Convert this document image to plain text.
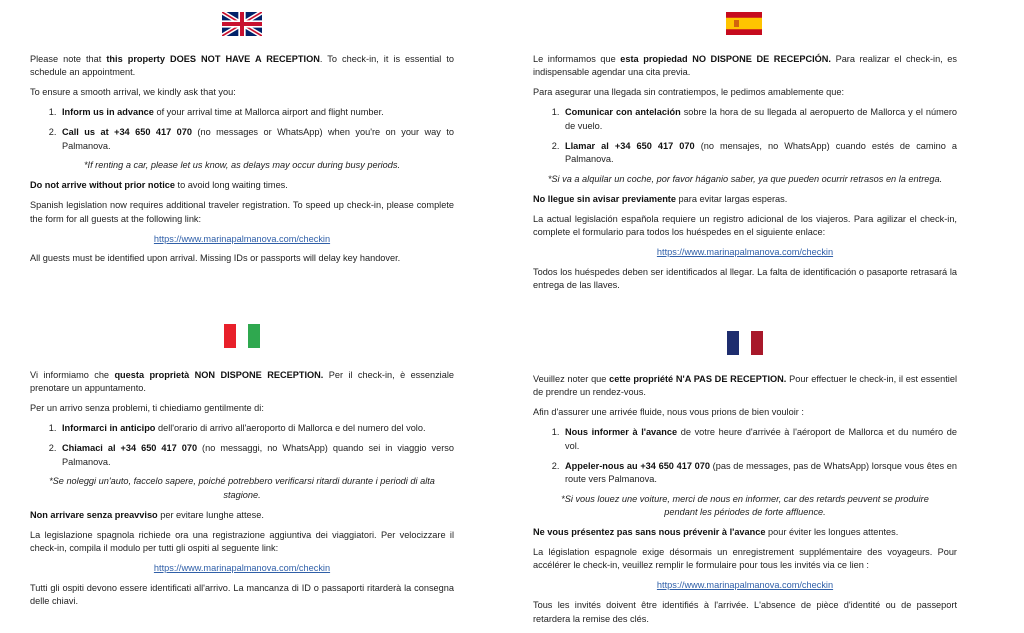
Please note that this property DOES NOT HAVE A RECEPTION. To check-in, it is essential to schedule an appointment.

To ensure a smooth arrival, we kindly ask that you:

1. Inform us in advance of your arrival time at Mallorca airport and flight number.
2. Call us at +34 650 417 070 (no messages or WhatsApp) when you're on your way to Palmanova.

*If renting a car, please let us know, as delays may occur during busy periods.

Do not arrive without prior notice to avoid long waiting times.

Spanish legislation now requires additional traveler registration. To speed up check-in, please complete the form for all guests at the following link:

https://www.marinapalmanova.com/checkin

All guests must be identified upon arrival. Missing IDs or passports will delay key handover.

Le informamos que esta propiedad NO DISPONE DE RECEPCIÓN. Para realizar el check-in, es indispensable agendar una cita previa.

Para asegurar una llegada sin contratiempos, le pedimos amablemente que:

1. Comunicar con antelación sobre la hora de su llegada al aeropuerto de Mallorca y el número de vuelo.
2. Llamar al +34 650 417 070 (no mensajes, no WhatsApp) cuando estés de camino a Palmanova.

*Si va a alquilar un coche, por favor háganio saber, ya que pueden ocurrir retrasos en la entrega.

No llegue sin avisar previamente para evitar largas esperas.

La actual legislación española requiere un registro adicional de los viajeros. Para agilizar el check-in, complete el formulario para todos los huéspedes en el siguiente enlace:

https://www.marinapalmanova.com/checkin

Todos los huéspedes deben ser identificados al llegar. La falta de identificación o pasaporte retrasará la entrega de las llaves.

Vi informiamo che questa proprietà NON DISPONE RECEPTION. Per il check-in, è essenziale prenotare un appuntamento.

Per un arrivo senza problemi, ti chiediamo gentilmente di:

1. Informarci in anticipo dell'orario di arrivo all'aeroporto di Mallorca e del numero del volo.
2. Chiamaci al +34 650 417 070 (no messaggi, no WhatsApp) quando sei in viaggio verso Palmanova.

*Se noleggi un'auto, faccelo sapere, poiché potrebbero verificarsi ritardi durante i periodi di alta stagione.

Non arrivare senza preavviso per evitare lunghe attese.

La legislazione spagnola richiede ora una registrazione aggiuntiva dei viaggiatori. Per velocizzare il check-in, compila il modulo per tutti gli ospiti al seguente link:

https://www.marinapalmanova.com/checkin

Tutti gli ospiti devono essere identificati all'arrivo. La mancanza di ID o passaporti ritarderà la consegna delle chiavi.

Veuillez noter que cette propriété N'A PAS DE RECEPTION. Pour effectuer le check-in, il est essentiel de prendre un rendez-vous.

Afin d'assurer une arrivée fluide, nous vous prions de bien vouloir :

1. Nous informer à l'avance de votre heure d'arrivée à l'aéroport de Mallorca et du numéro de vol.
2. Appeler-nous au +34 650 417 070 (pas de messages, pas de WhatsApp) lorsque vous êtes en route vers Palmanova.

*Si vous louez une voiture, merci de nous en informer, car des retards peuvent se produire pendant les périodes de forte affluence.

Ne vous présentez pas sans nous prévenir à l'avance pour éviter les longues attentes.

La législation espagnole exige désormais un enregistrement supplémentaire des voyageurs. Pour accélérer le check-in, veuillez remplir le formulaire pour tous les invités via ce lien :

https://www.marinapalmanova.com/checkin

Tous les invités doivent être identifiés à l'arrivée. L'absence de pièce d'identité ou de passeport retardera la remise des clés.
